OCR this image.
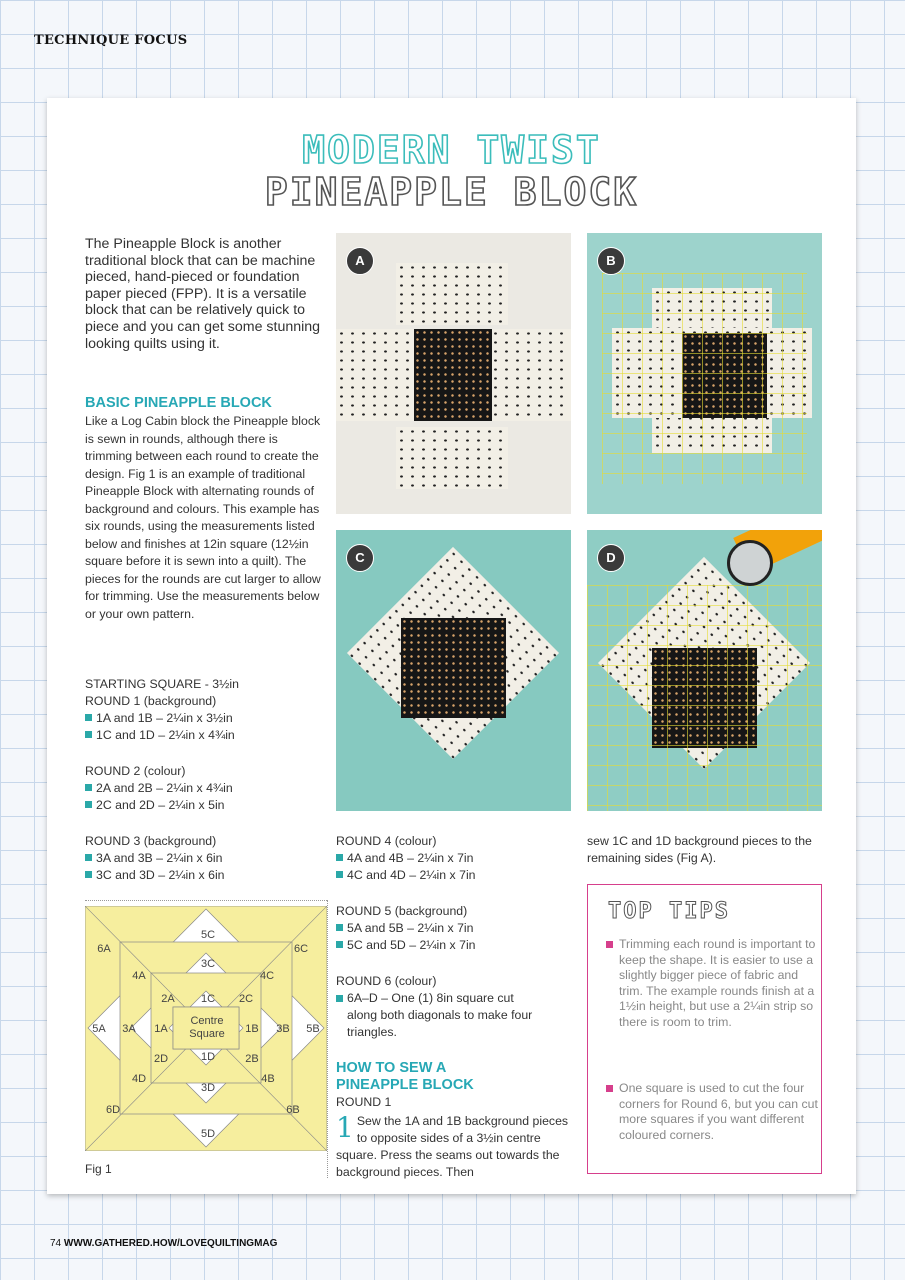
TECHNIQUE FOCUS
MODERN TWIST
PINEAPPLE BLOCK
The Pineapple Block is another traditional block that can be machine pieced, hand-pieced or foundation paper pieced (FPP). It is a versatile block that can be relatively quick to piece and you can get some stunning looking quilts using it.
BASIC PINEAPPLE BLOCK
Like a Log Cabin block the Pineapple block is sewn in rounds, although there is trimming between each round to create the design. Fig 1 is an example of traditional Pineapple Block with alternating rounds of background and colours. This example has six rounds, using the measurements listed below and finishes at 12in square (12½in square before it is sewn into a quilt). The pieces for the rounds are cut larger to allow for trimming. Use the measurements below or your own pattern.
STARTING SQUARE - 3½in
ROUND 1 (background)
1A and 1B – 2¼in x 3½in
1C and 1D – 2¼in x 4¾in
ROUND 2 (colour)
2A and 2B – 2¼in x 4¾in
2C and 2D – 2¼in x 5in
ROUND 3 (background)
3A and 3B – 2¼in x 6in
3C and 3D – 2¼in x 6in
A	B
C	D
6A
5C
6C
3C
4A	4C
2A 1C 2C
Centre
Square
5A 3A 1A	1B 3B 5B
2D	1D	2B
4D
3D
4B
6D	6B
5D
Fig 1
ROUND 4 (colour)
4A and 4B – 2¼in x 7in
4C and 4D – 2¼in x 7in
ROUND 5 (background)
5A and 5B – 2¼in x 7in
5C and 5D – 2¼in x 7in
ROUND 6 (colour)
6A–D – One (1) 8in square cut along both diagonals to make four triangles.
HOW TO SEW A
PINEAPPLE BLOCK
ROUND 1
1 Sew the 1A and 1B background pieces to opposite sides of a 3½in centre square. Press the seams out towards the background pieces. Then
sew 1C and 1D background pieces to the remaining sides (Fig A).
TOP TIPS
Trimming each round is important to keep the shape. It is easier to use a slightly bigger piece of fabric and trim. The example rounds finish at a 1½in height, but use a 2¼in strip so there is room to trim.
One square is used to cut the four corners for Round 6, but you can cut more squares if you want different coloured corners.
74 WWW.GATHERED.HOW/LOVEQUILTINGMAG
